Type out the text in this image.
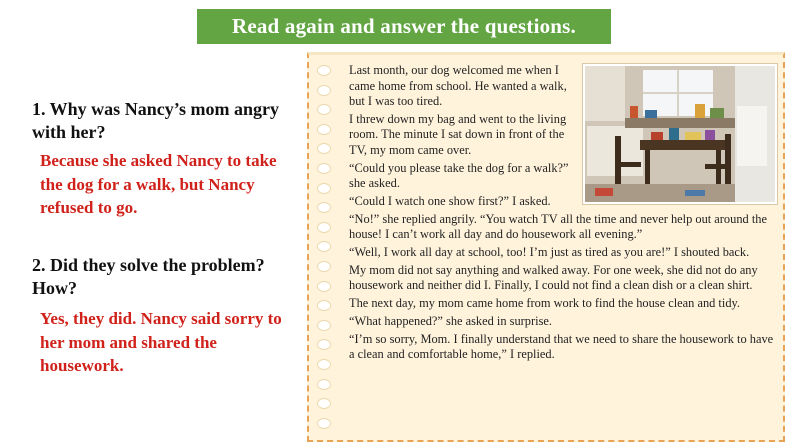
Read again and answer the questions.
1. Why was Nancy’s mom angry with her?
Because she asked Nancy to take the dog for a walk, but Nancy refused to go.
2. Did they solve the problem? How?
Yes, they did. Nancy said sorry to her mom and shared the housework.

Last month, our dog welcomed me when I came home from school. He wanted a walk, but I was too tired.

I threw down my bag and went to the living room. The minute I sat down in front of the TV, my mom came over.

“Could you please take the dog for a walk?” she asked.

“Could I watch one show first?” I asked.

“No!” she replied angrily. “You watch TV all the time and never help out around the house! I can’t work all day and do housework all evening.”

“Well, I work all day at school, too! I’m just as tired as you are!” I shouted back.

My mom did not say anything and walked away. For one week, she did not do any housework and neither did I. Finally, I could not find a clean dish or a clean shirt.

The next day, my mom came home from work to find the house clean and tidy.

“What happened?” she asked in surprise.

“I’m so sorry, Mom. I finally understand that we need to share the housework to have a clean and comfortable home,” I replied.
